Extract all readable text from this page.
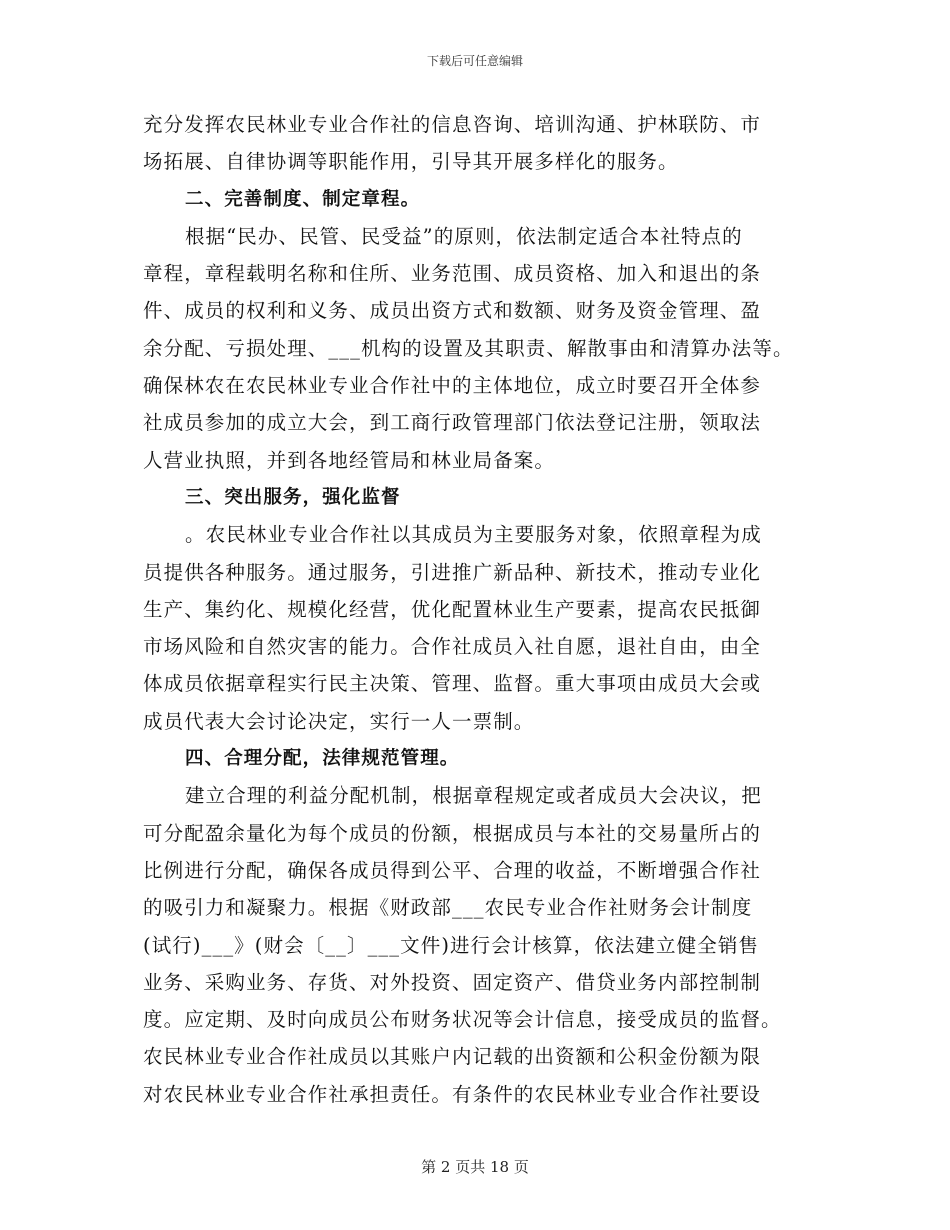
下载后可任意编辑
充分发挥农民林业专业合作社的信息咨询、培训沟通、护林联防、市
场拓展、自律协调等职能作用，引导其开展多样化的服务。
二、完善制度、制定章程。
根据“民办、民管、民受益”的原则，依法制定适合本社特点的
章程，章程载明名称和住所、业务范围、成员资格、加入和退出的条
件、成员的权利和义务、成员出资方式和数额、财务及资金管理、盈
余分配、亏损处理、___机构的设置及其职责、解散事由和清算办法等。
确保林农在农民林业专业合作社中的主体地位，成立时要召开全体参
社成员参加的成立大会，到工商行政管理部门依法登记注册，领取法
人营业执照，并到各地经管局和林业局备案。
三、突出服务，强化监督
。农民林业专业合作社以其成员为主要服务对象，依照章程为成
员提供各种服务。通过服务，引进推广新品种、新技术，推动专业化
生产、集约化、规模化经营，优化配置林业生产要素，提高农民抵御
市场风险和自然灾害的能力。合作社成员入社自愿，退社自由，由全
体成员依据章程实行民主决策、管理、监督。重大事项由成员大会或
成员代表大会讨论决定，实行一人一票制。
四、合理分配，法律规范管理。
建立合理的利益分配机制，根据章程规定或者成员大会决议，把
可分配盈余量化为每个成员的份额，根据成员与本社的交易量所占的
比例进行分配，确保各成员得到公平、合理的收益，不断增强合作社
的吸引力和凝聚力。根据《财政部___农民专业合作社财务会计制度
(试行)___》(财会〔__〕___文件)进行会计核算，依法建立健全销售
业务、采购业务、存货、对外投资、固定资产、借贷业务内部控制制
度。应定期、及时向成员公布财务状况等会计信息，接受成员的监督。
农民林业专业合作社成员以其账户内记载的出资额和公积金份额为限
对农民林业专业合作社承担责任。有条件的农民林业专业合作社要设
第 2 页共 18 页
